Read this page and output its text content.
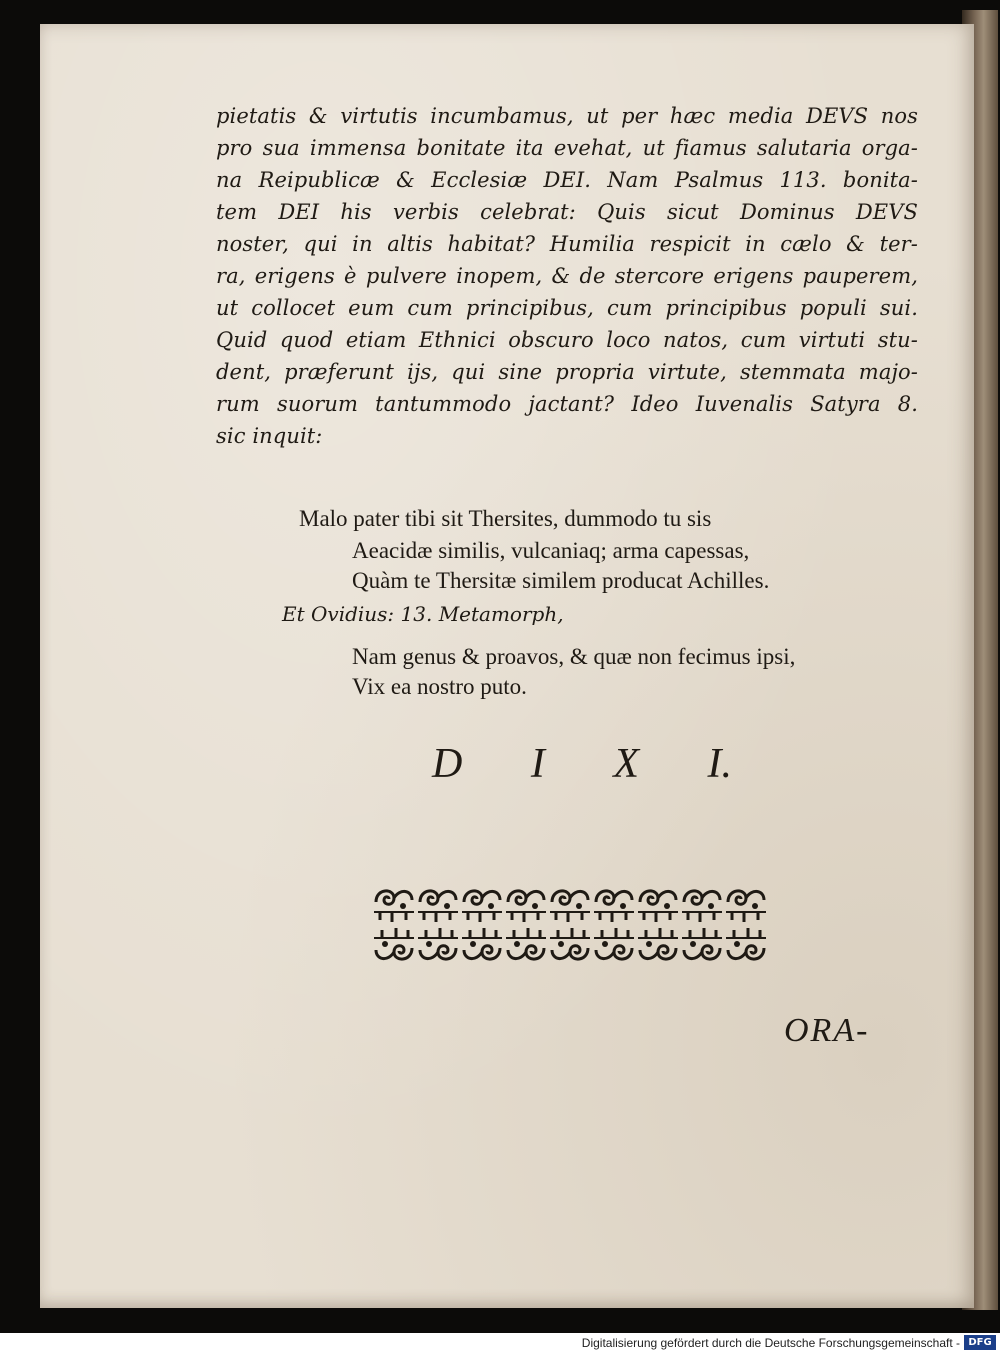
pietatis & virtutis incumbamus, ut per hæc media DEVS nos
pro sua immensa bonitate ita evehat, ut fiamus salutaria orga-
na Reipublicæ & Ecclesiæ DEI. Nam Psalmus 113. bonita-
tem DEI his verbis celebrat: Quis sicut Dominus DEVS
noster, qui in altis habitat? Humilia respicit in cælo & ter-
ra, erigens è pulvere inopem, & de stercore erigens pauperem,
ut collocet eum cum principibus, cum principibus populi sui.
Quid quod etiam Ethnici obscuro loco natos, cum virtuti stu-
dent, præferunt ijs, qui sine propria virtute, stemmata majo-
rum suorum tantummodo jactant? Ideo Iuvenalis Satyra 8.
sic inquit:
Malo pater tibi sit Thersites, dummodo tu sis
Aeacidæ similis, vulcaniaq; arma capessas,
Quàm te Thersitæ similem producat Achilles.
Et Ovidius: 13. Metamorph,
Nam genus & proavos, & quæ non fecimus ipsi,
Vix ea nostro puto.
D I X I.
ORA-
Digitalisierung gefördert durch die Deutsche Forschungsgemeinschaft - DFG
